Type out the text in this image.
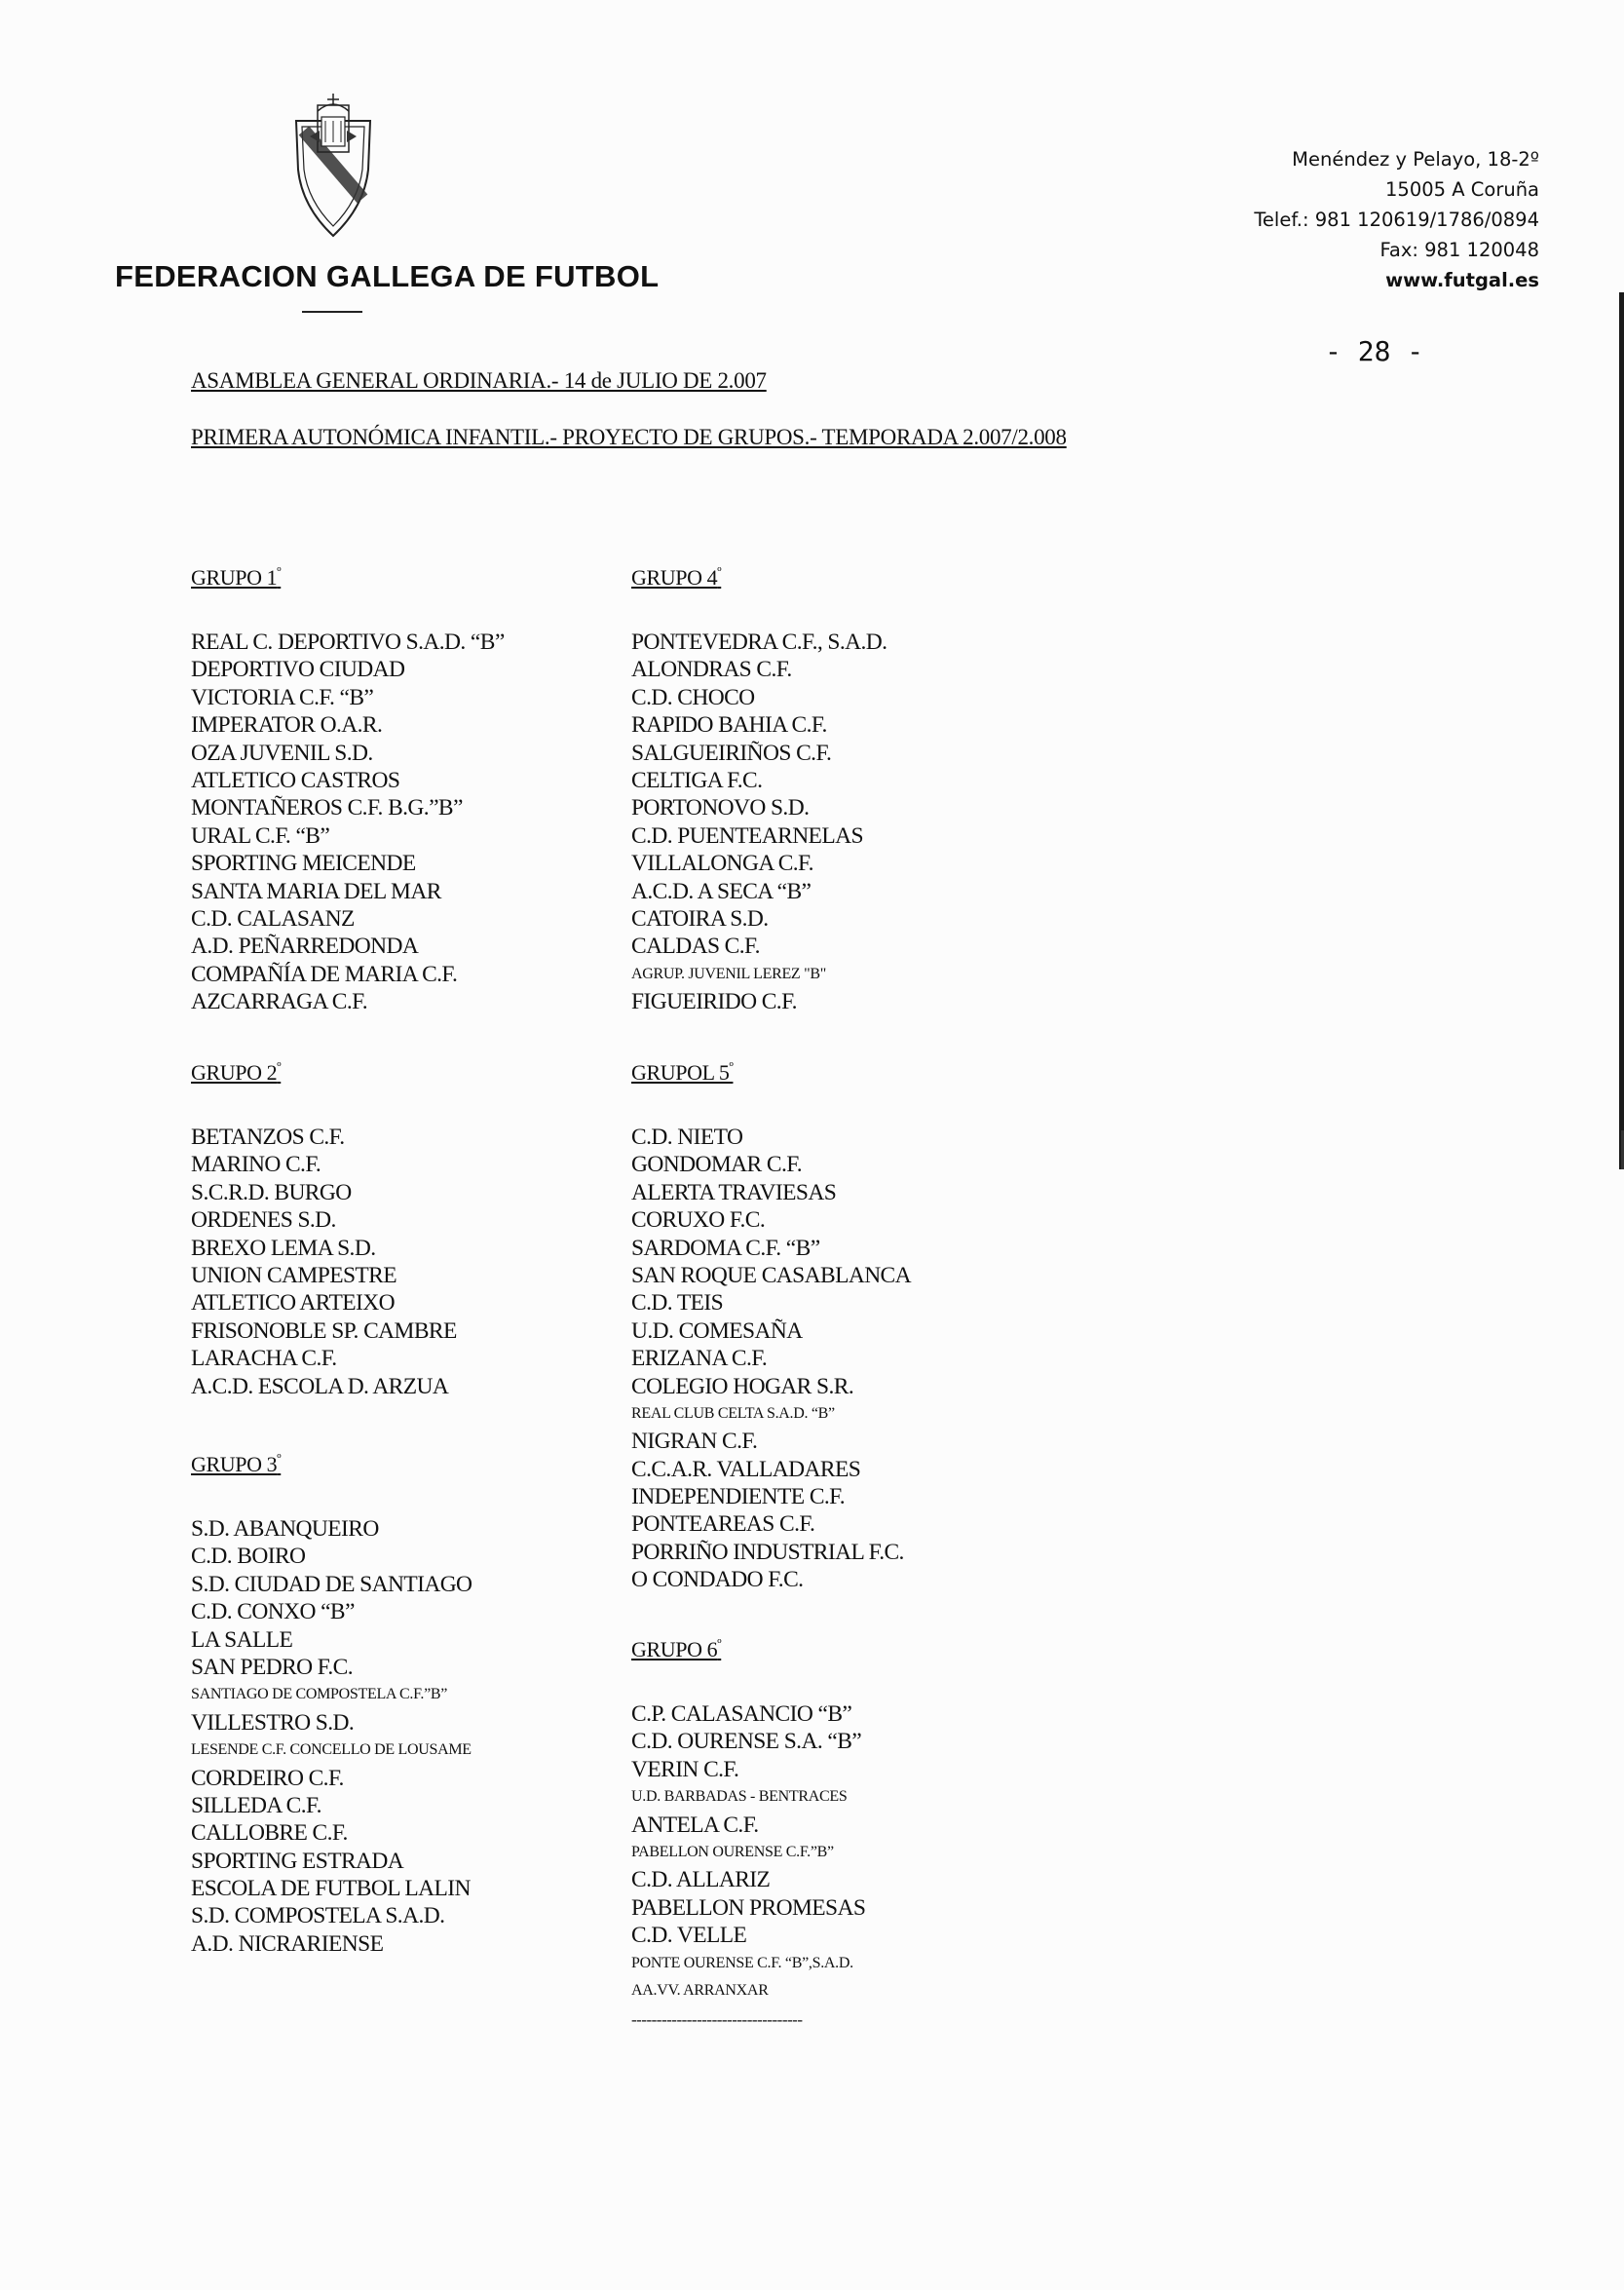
FEDERACION GALLEGA DE FUTBOL
Menéndez y Pelayo, 18-2º
15005 A Coruña
Telef.: 981 120619/1786/0894
Fax: 981 120048
www.futgal.es
- 28 -
ASAMBLEA GENERAL ORDINARIA.- 14 de JULIO DE 2.007
PRIMERA AUTONÓMICA INFANTIL.- PROYECTO DE GRUPOS.- TEMPORADA 2.007/2.008
GRUPO $1^º$
REAL C. DEPORTIVO S.A.D. “B”
DEPORTIVO CIUDAD
VICTORIA C.F. “B”
IMPERATOR O.A.R.
OZA JUVENIL S.D.
ATLETICO CASTROS
MONTAÑEROS C.F. B.G.”B”
URAL C.F. “B”
SPORTING MEICENDE
SANTA MARIA DEL MAR
C.D. CALASANZ
A.D. PEÑARREDONDA
COMPAÑÍA DE MARIA C.F.
AZCARRAGA C.F.
GRUPO $2^º$
BETANZOS C.F.
MARINO C.F.
S.C.R.D. BURGO
ORDENES S.D.
BREXO LEMA S.D.
UNION CAMPESTRE
ATLETICO ARTEIXO
FRISONOBLE SP. CAMBRE
LARACHA C.F.
A.C.D. ESCOLA D. ARZUA
GRUPO $3^º$
S.D. ABANQUEIRO
C.D. BOIRO
S.D. CIUDAD DE SANTIAGO
C.D. CONXO “B”
LA SALLE
SAN PEDRO F.C.
SANTIAGO DE COMPOSTELA C.F.”B”
VILLESTRO S.D.
LESENDE C.F. CONCELLO DE LOUSAME
CORDEIRO C.F.
SILLEDA C.F.
CALLOBRE C.F.
SPORTING ESTRADA
ESCOLA DE FUTBOL LALIN
S.D. COMPOSTELA S.A.D.
A.D. NICRARIENSE
GRUPO $4^º$
PONTEVEDRA C.F., S.A.D.
ALONDRAS C.F.
C.D. CHOCO
RAPIDO BAHIA C.F.
SALGUEIRIÑOS C.F.
CELTIGA F.C.
PORTONOVO S.D.
C.D. PUENTEARNELAS
VILLALONGA C.F.
A.C.D. A SECA “B”
CATOIRA S.D.
CALDAS C.F.
AGRUP. JUVENIL LEREZ "B"
FIGUEIRIDO C.F.
GRUPOL $5^º$
C.D. NIETO
GONDOMAR C.F.
ALERTA TRAVIESAS
CORUXO F.C.
SARDOMA C.F. “B”
SAN ROQUE CASABLANCA
C.D. TEIS
U.D. COMESAÑA
ERIZANA C.F.
COLEGIO HOGAR S.R.
REAL CLUB CELTA S.A.D. “B”
NIGRAN C.F.
C.C.A.R. VALLADARES
INDEPENDIENTE C.F.
PONTEAREAS C.F.
PORRIÑO INDUSTRIAL F.C.
O CONDADO F.C.
GRUPO $6^º$
C.P. CALASANCIO “B”
C.D. OURENSE S.A. “B”
VERIN C.F.
U.D. BARBADAS - BENTRACES
ANTELA C.F.
PABELLON OURENSE C.F.”B”
C.D. ALLARIZ
PABELLON PROMESAS
C.D. VELLE
PONTE OURENSE C.F. “B”,S.A.D.
AA.VV. ARRANXAR
----------------------------------
